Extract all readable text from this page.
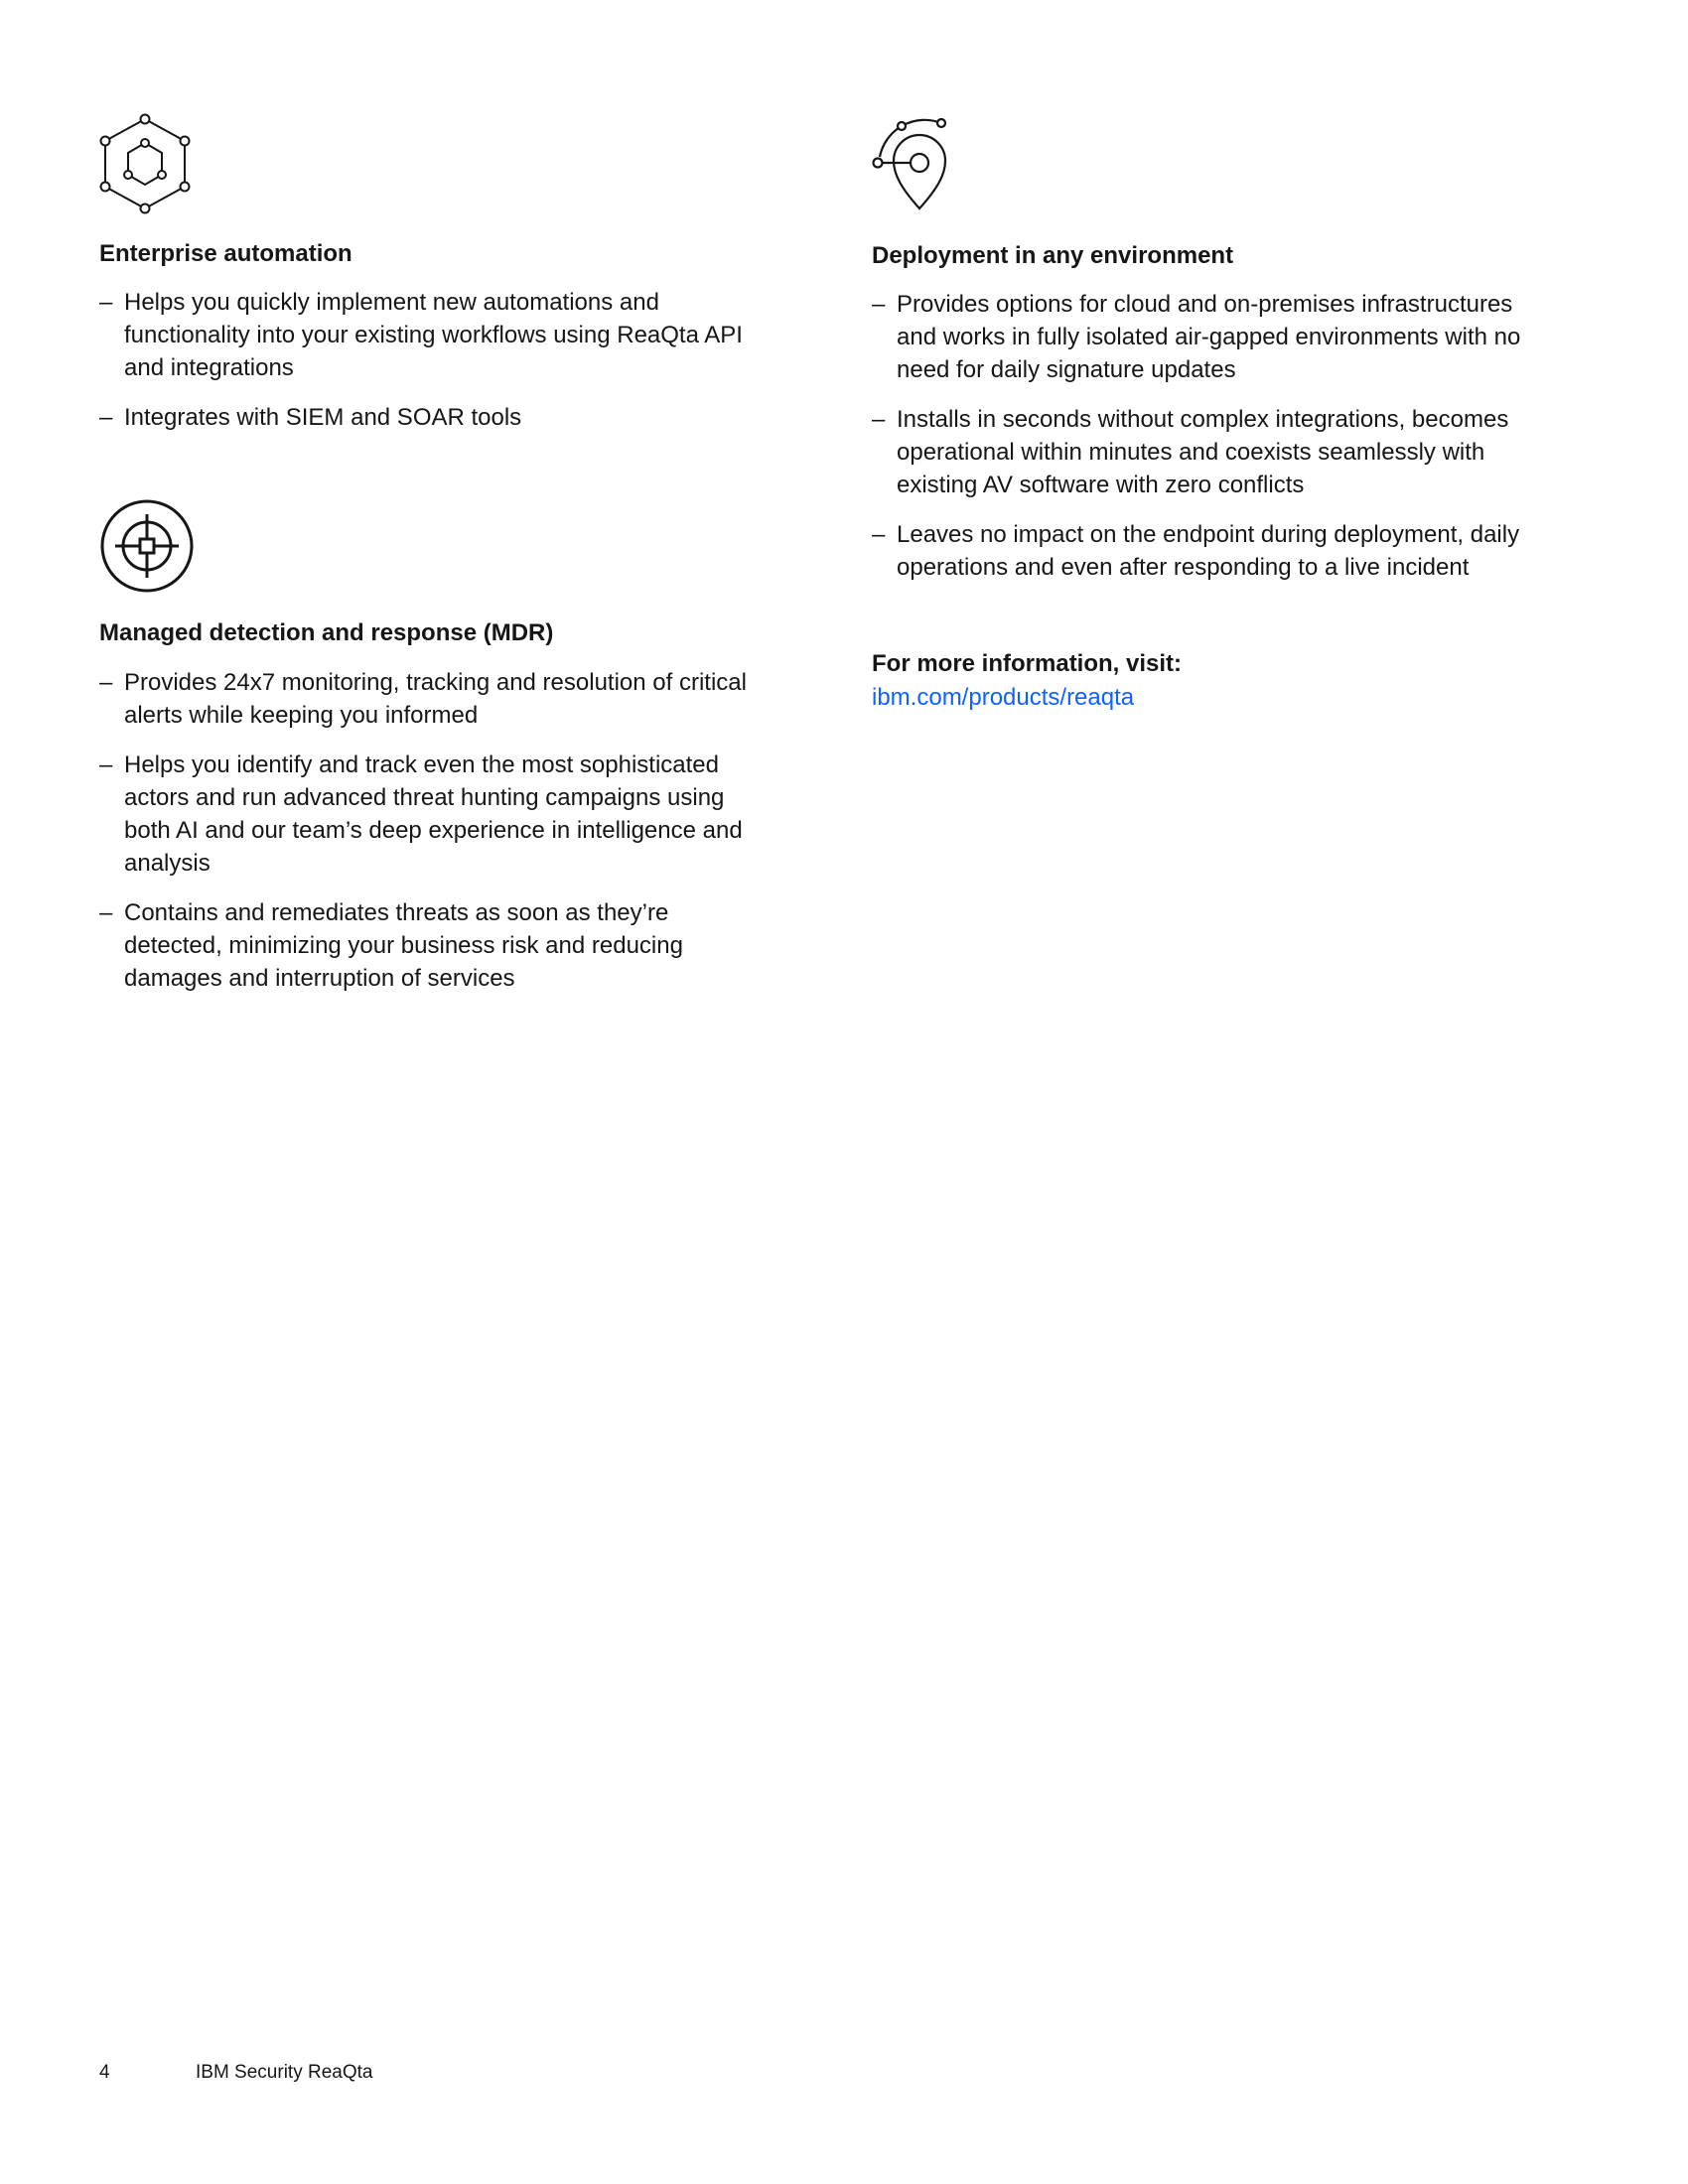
Enterprise automation
– Helps you quickly implement new automations and functionality into your existing workflows using ReaQta API and integrations
– Integrates with SIEM and SOAR tools
Managed detection and response (MDR)
– Provides 24x7 monitoring, tracking and resolution of critical alerts while keeping you informed
– Helps you identify and track even the most sophisticated actors and run advanced threat hunting campaigns using both AI and our team’s deep experience in intelligence and analysis
– Contains and remediates threats as soon as they’re detected, minimizing your business risk and reducing damages and interruption of services
Deployment in any environment
– Provides options for cloud and on-premises infrastructures and works in fully isolated air-gapped environments with no need for daily signature updates
– Installs in seconds without complex integrations, becomes operational within minutes and coexists seamlessly with existing AV software with zero conflicts
– Leaves no impact on the endpoint during deployment, daily operations and even after responding to a live incident

For more information, visit:

ibm.com/products/reaqta
4	IBM Security ReaQta
